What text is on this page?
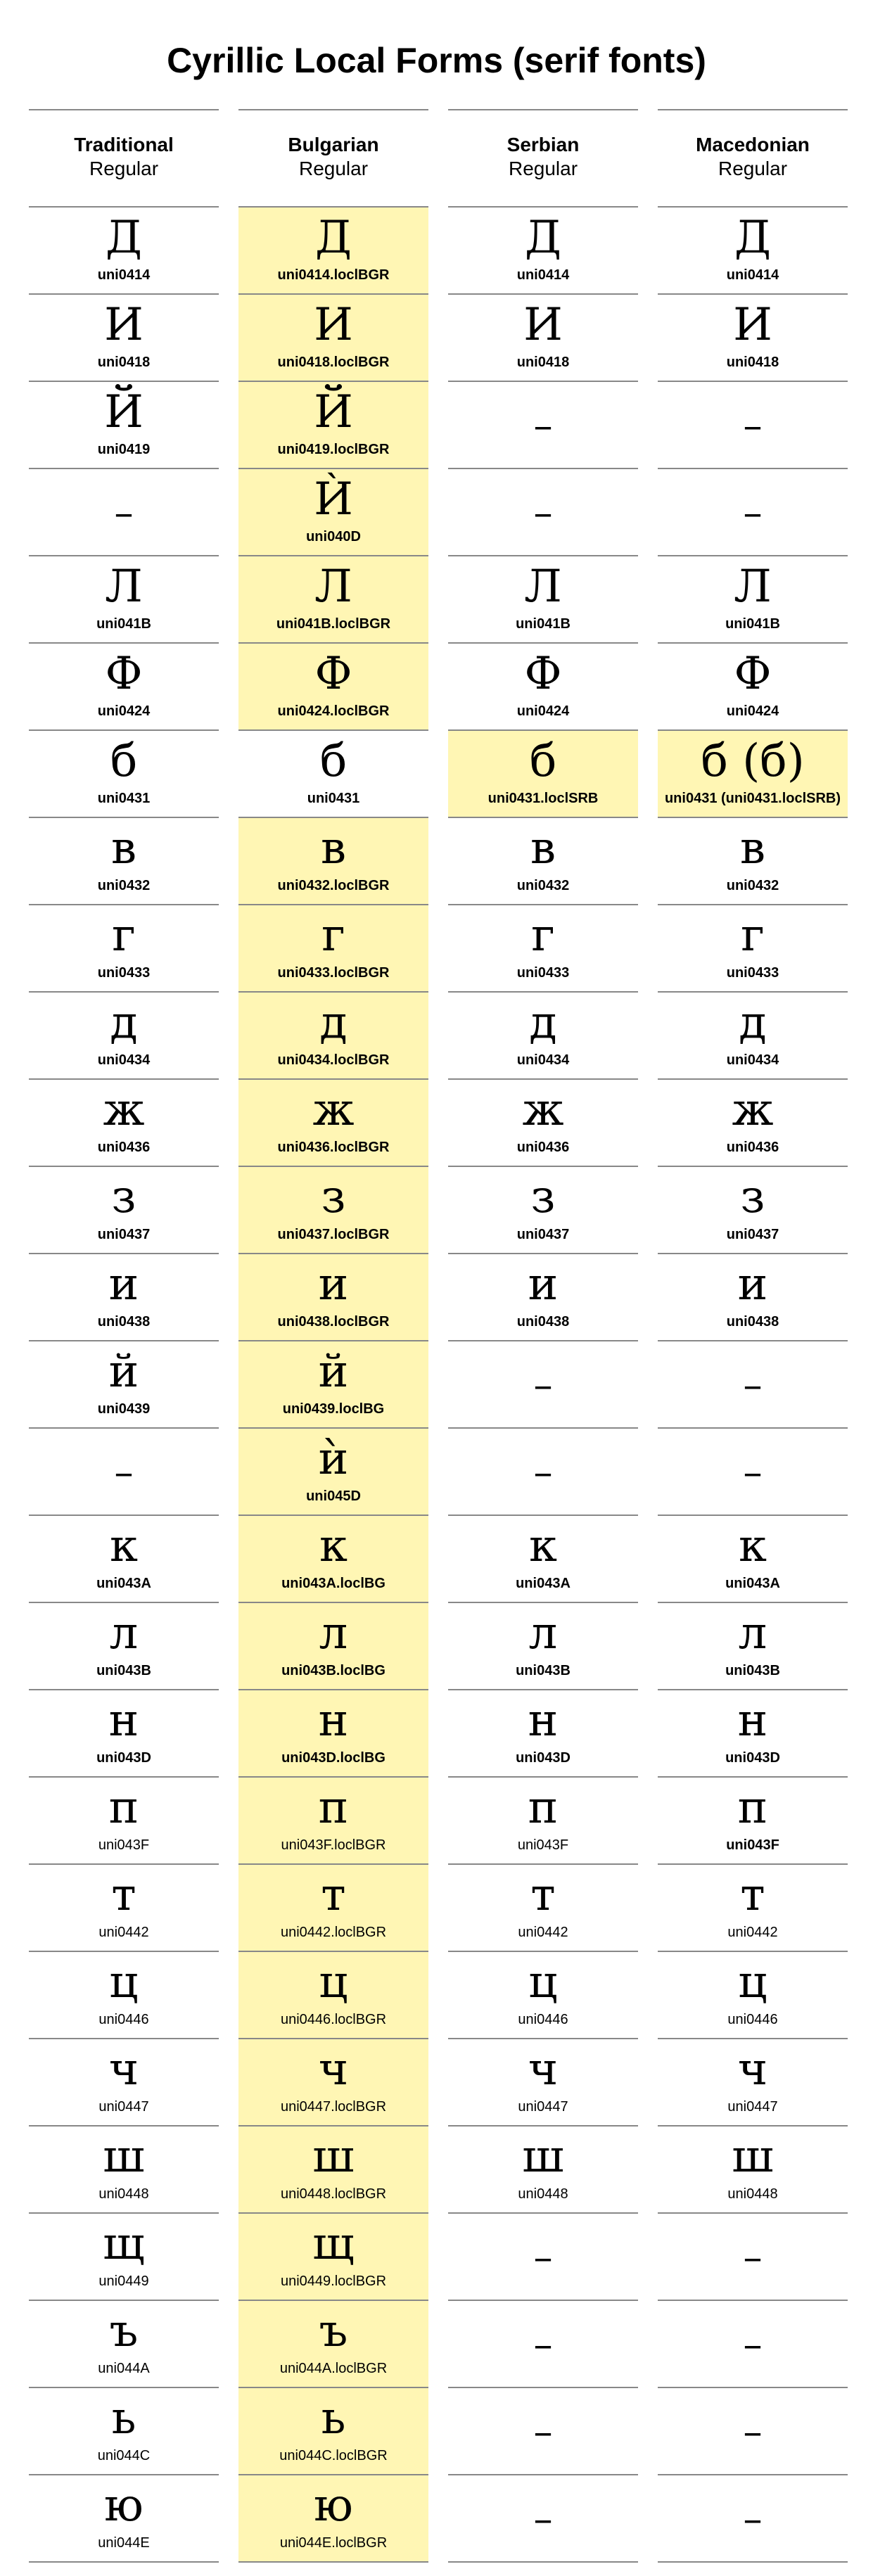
Cyrillic Local Forms (serif fonts)
Traditional
Regular
Д
uni0414
И
uni0418
Й
uni0419
–
Л
uni041B
Ф
uni0424
б
uni0431
в
uni0432
г
uni0433
д
uni0434
ж
uni0436
з
uni0437
и
uni0438
й
uni0439
–
к
uni043A
л
uni043B
н
uni043D
п
uni043F
т
uni0442
ц
uni0446
ч
uni0447
ш
uni0448
щ
uni0449
ъ
uni044A
ь
uni044C
ю
uni044E
Bulgarian
Regular
Д
uni0414.loclBGR
И
uni0418.loclBGR
Й
uni0419.loclBGR
Ѝ
uni040D
Л
uni041B.loclBGR
Ф
uni0424.loclBGR
б
uni0431
в
uni0432.loclBGR
г
uni0433.loclBGR
д
uni0434.loclBGR
ж
uni0436.loclBGR
з
uni0437.loclBGR
и
uni0438.loclBGR
й
uni0439.loclBG
ѝ
uni045D
к
uni043A.loclBG
л
uni043B.loclBG
н
uni043D.loclBG
п
uni043F.loclBGR
т
uni0442.loclBGR
ц
uni0446.loclBGR
ч
uni0447.loclBGR
ш
uni0448.loclBGR
щ
uni0449.loclBGR
ъ
uni044A.loclBGR
ь
uni044C.loclBGR
ю
uni044E.loclBGR
Serbian
Regular
Д
uni0414
И
uni0418
–
–
Л
uni041B
Ф
uni0424
б
uni0431.loclSRB
в
uni0432
г
uni0433
д
uni0434
ж
uni0436
з
uni0437
и
uni0438
–
–
к
uni043A
л
uni043B
н
uni043D
п
uni043F
т
uni0442
ц
uni0446
ч
uni0447
ш
uni0448
–
–
–
–
Macedonian
Regular
Д
uni0414
И
uni0418
–
–
Л
uni041B
Ф
uni0424
б (б)
uni0431 (uni0431.loclSRB)
в
uni0432
г
uni0433
д
uni0434
ж
uni0436
з
uni0437
и
uni0438
–
–
к
uni043A
л
uni043B
н
uni043D
п
uni043F
т
uni0442
ц
uni0446
ч
uni0447
ш
uni0448
–
–
–
–
